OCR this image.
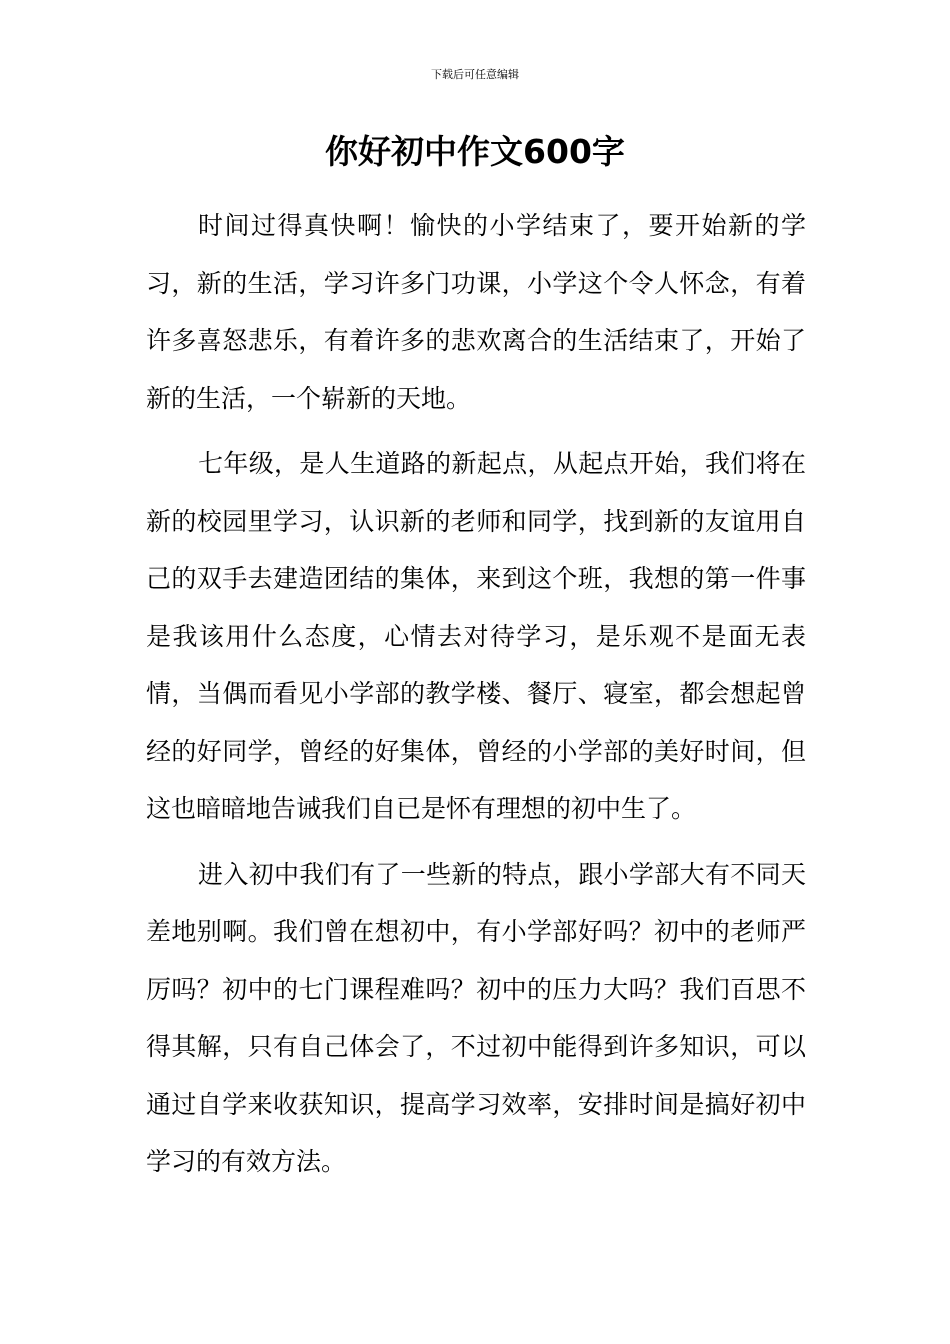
下载后可任意编辑
你好初中作文600字

时间过得真快啊！愉快的小学结束了，要开始新的学习，新的生活，学习许多门功课，小学这个令人怀念，有着许多喜怒悲乐，有着许多的悲欢离合的生活结束了，开始了新的生活，一个崭新的天地。

七年级，是人生道路的新起点，从起点开始，我们将在新的校园里学习，认识新的老师和同学，找到新的友谊用自己的双手去建造团结的集体，来到这个班，我想的第一件事是我该用什么态度，心情去对待学习，是乐观不是面无表情，当偶而看见小学部的教学楼、餐厅、寝室，都会想起曾经的好同学，曾经的好集体，曾经的小学部的美好时间，但这也暗暗地告诫我们自已是怀有理想的初中生了。

进入初中我们有了一些新的特点，跟小学部大有不同天差地别啊。我们曾在想初中，有小学部好吗？初中的老师严厉吗？初中的七门课程难吗？初中的压力大吗？我们百思不得其解，只有自己体会了，不过初中能得到许多知识，可以通过自学来收获知识，提高学习效率，安排时间是搞好初中学习的有效方法。
